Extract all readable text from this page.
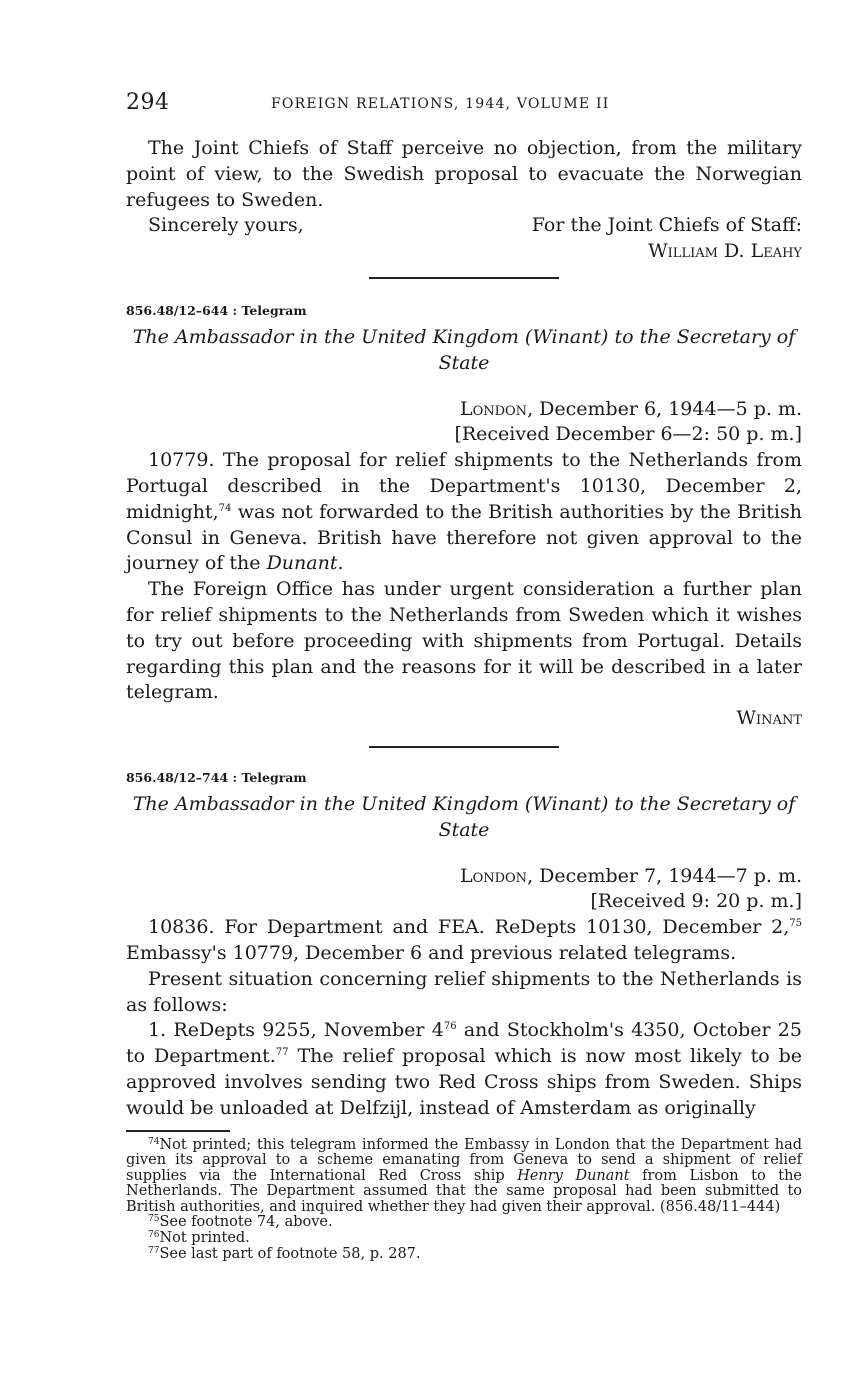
294	FOREIGN RELATIONS, 1944, VOLUME II

The Joint Chiefs of Staff perceive no objection, from the military point of view, to the Swedish proposal to evacuate the Norwegian refugees to Sweden.

Sincerely yours,	For the Joint Chiefs of Staff:

William D. Leahy

856.48/12–644 : Telegram
The Ambassador in the United Kingdom (Winant) to the Secretary of State

London, December 6, 1944—5 p. m.

[Received December 6—2: 50 p. m.]

10779. The proposal for relief shipments to the Netherlands from Portugal described in the Department's 10130, December 2, midnight,$^{74}$ was not forwarded to the British authorities by the British Consul in Geneva. British have therefore not given approval to the journey of the Dunant.

The Foreign Office has under urgent consideration a further plan for relief shipments to the Netherlands from Sweden which it wishes to try out before proceeding with shipments from Portugal. Details regarding this plan and the reasons for it will be described in a later telegram.

Winant

856.48/12–744 : Telegram
The Ambassador in the United Kingdom (Winant) to the Secretary of State

London, December 7, 1944—7 p. m.

[Received 9: 20 p. m.]

10836. For Department and FEA. ReDepts 10130, December 2,75 Embassy's 10779, December 6 and previous related telegrams.

Present situation concerning relief shipments to the Netherlands is as follows:

1. ReDepts 9255, November $4^{76}$ and Stockholm's 4350, October 25 to Department.$^{77}$ The relief proposal which is now most likely to be approved involves sending two Red Cross ships from Sweden. Ships would be unloaded at Delfzijl, instead of Amsterdam as originally

$^{74}$Not printed; this telegram informed the Embassy in London that the Department had given its approval to a scheme emanating from Geneva to send a shipment of relief supplies via the International Red Cross ship Henry Dunant from Lisbon to the Netherlands. The Department assumed that the same proposal had been submitted to British authorities, and inquired whether they had given their approval. (856.48/11–444)

$^{75}$See footnote 74, above.

$^{76}$Not printed.

$^{77}$See last part of footnote 58, p. 287.
